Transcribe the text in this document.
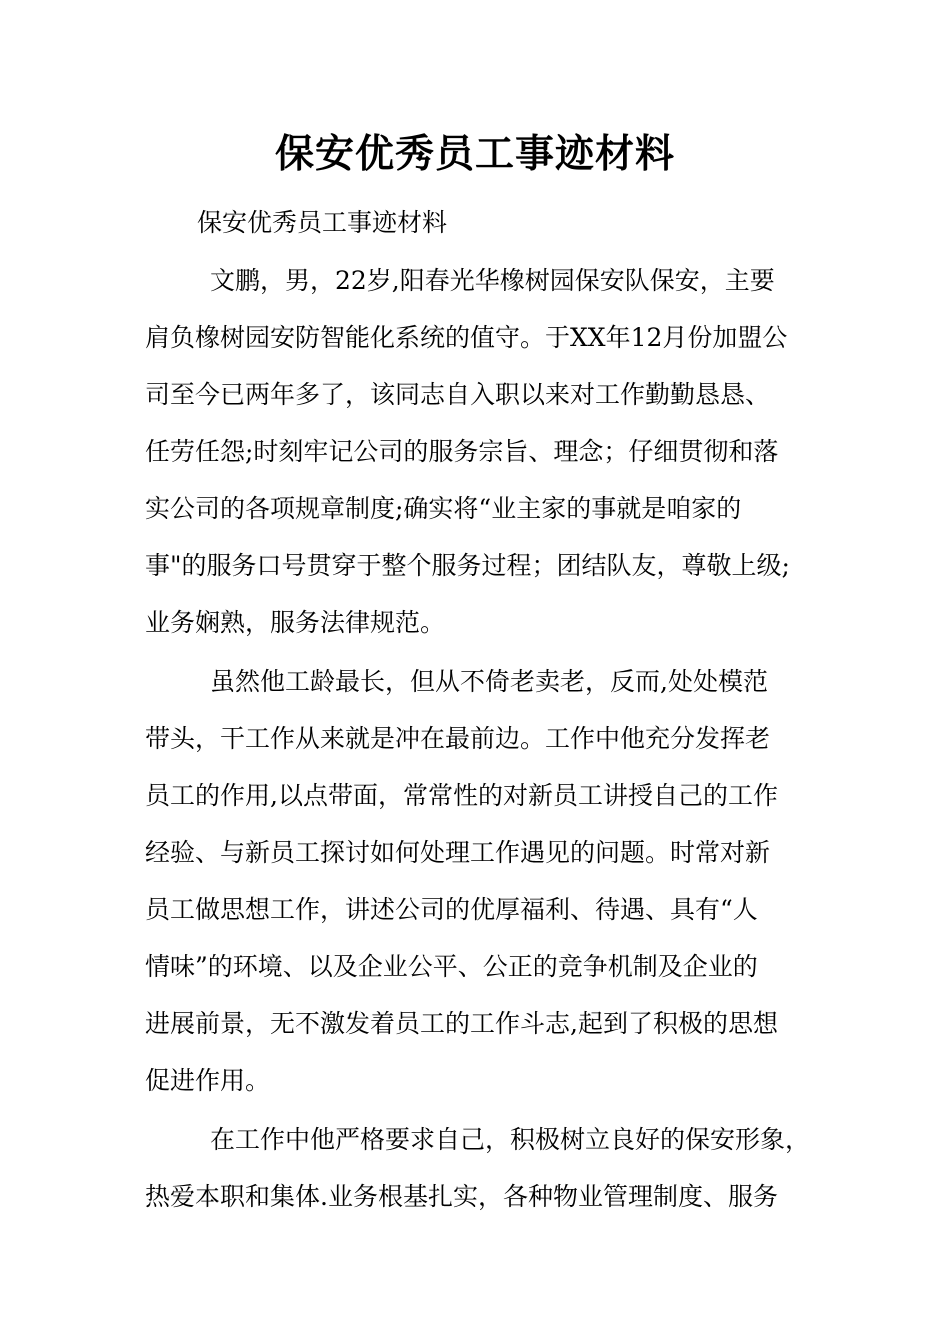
保安优秀员工事迹材料
保安优秀员工事迹材料
文鹏，男，22岁,阳春光华橡树园保安队保安，主要
肩负橡树园安防智能化系统的值守。于XX年12月份加盟公
司至今已两年多了，该同志自入职以来对工作勤勤恳恳、
任劳任怨;时刻牢记公司的服务宗旨、理念；仔细贯彻和落
实公司的各项规章制度;确实将“业主家的事就是咱家的
事"的服务口号贯穿于整个服务过程；团结队友，尊敬上级;
业务娴熟，服务法律规范。
虽然他工龄最长，但从不倚老卖老，反而,处处模范
带头，干工作从来就是冲在最前边。工作中他充分发挥老
员工的作用,以点带面，常常性的对新员工讲授自己的工作
经验、与新员工探讨如何处理工作遇见的问题。时常对新
员工做思想工作，讲述公司的优厚福利、待遇、具有“人
情味”的环境、以及企业公平、公正的竞争机制及企业的
进展前景，无不激发着员工的工作斗志,起到了积极的思想
促进作用。
在工作中他严格要求自己，积极树立良好的保安形象，
热爱本职和集体.业务根基扎实，各种物业管理制度、服务
